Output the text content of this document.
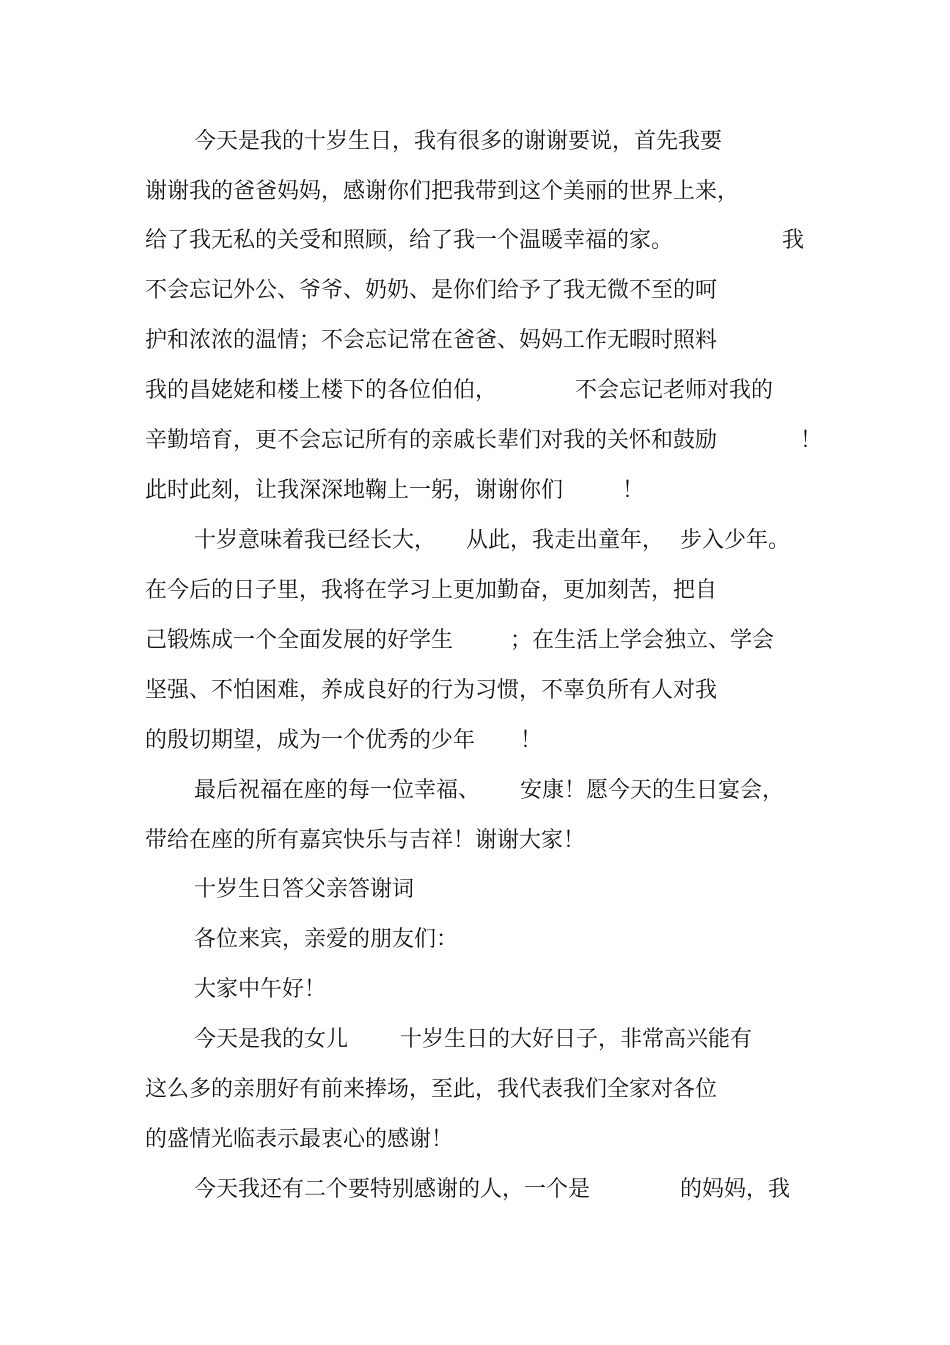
今天是我的十岁生日，我有很多的谢谢要说，首先我要
谢谢我的爸爸妈妈，感谢你们把我带到这个美丽的世界上来，
给了我无私的关受和照顾，给了我一个温暖幸福的家。	我
不会忘记外公、爷爷、奶奶、是你们给予了我无微不至的呵
护和浓浓的温情；不会忘记常在爸爸、妈妈工作无暇时照料
我的昌姥姥和楼上楼下的各位伯伯，	不会忘记老师对我的
辛勤培育，更不会忘记所有的亲戚长辈们对我的关怀和鼓励	！
此时此刻，让我深深地鞠上一躬，谢谢你们	！
十岁意味着我已经长大， 从此，我走出童年， 步入少年。
在今后的日子里，我将在学习上更加勤奋，更加刻苦，把自
己锻炼成一个全面发展的好学生	；在生活上学会独立、学会
坚强、不怕困难，养成良好的行为习惯，不辜负所有人对我
的殷切期望，成为一个优秀的少年 ！
最后祝福在座的每一位幸福、 安康！愿今天的生日宴会，
带给在座的所有嘉宾快乐与吉祥！谢谢大家！
十岁生日答父亲答谢词
各位来宾，亲爱的朋友们：
大家中午好！
今天是我的女儿 十岁生日的大好日子，非常高兴能有
这么多的亲朋好有前来捧场，至此，我代表我们全家对各位
的盛情光临表示最衷心的感谢！
今天我还有二个要特别感谢的人，一个是	的妈妈，我
